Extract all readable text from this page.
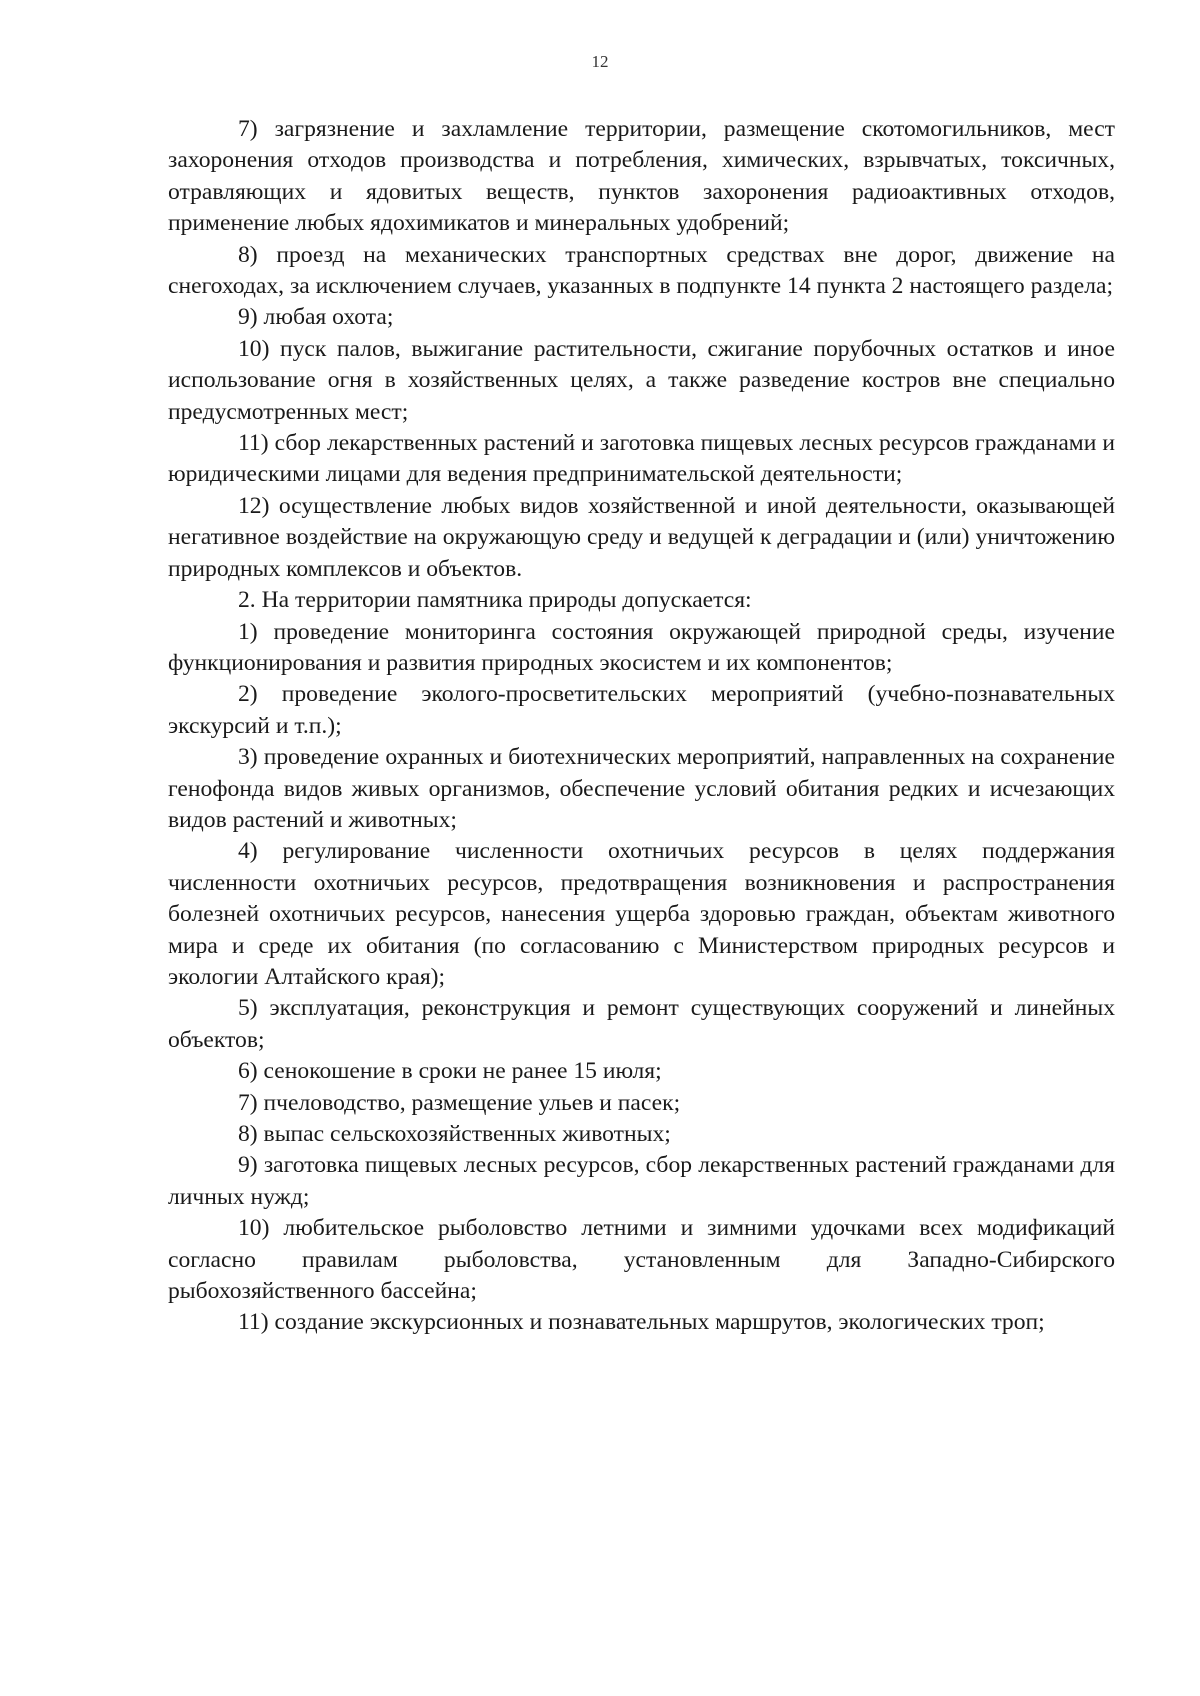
12

7) загрязнение и захламление территории, размещение скотомогильников, мест захоронения отходов производства и потребления, химических, взрывчатых, токсичных, отравляющих и ядовитых веществ, пунктов захоронения радиоактивных отходов, применение любых ядохимикатов и минеральных удобрений;

8) проезд на механических транспортных средствах вне дорог, движение на снегоходах, за исключением случаев, указанных в подпункте 14 пункта 2 настоящего раздела;

9) любая охота;

10) пуск палов, выжигание растительности, сжигание порубочных остатков и иное использование огня в хозяйственных целях, а также разведение костров вне специально предусмотренных мест;

11) сбор лекарственных растений и заготовка пищевых лесных ресурсов гражданами и юридическими лицами для ведения предпринимательской деятельности;

12) осуществление любых видов хозяйственной и иной деятельности, оказывающей негативное воздействие на окружающую среду и ведущей к деградации и (или) уничтожению природных комплексов и объектов.

2. На территории памятника природы допускается:

1) проведение мониторинга состояния окружающей природной среды, изучение функционирования и развития природных экосистем и их компонентов;

2) проведение эколого-просветительских мероприятий (учебно-познавательных экскурсий и т.п.);

3) проведение охранных и биотехнических мероприятий, направленных на сохранение генофонда видов живых организмов, обеспечение условий обитания редких и исчезающих видов растений и животных;

4) регулирование численности охотничьих ресурсов в целях поддержания численности охотничьих ресурсов, предотвращения возникновения и распространения болезней охотничьих ресурсов, нанесения ущерба здоровью граждан, объектам животного мира и среде их обитания (по согласованию с Министерством природных ресурсов и экологии Алтайского края);

5) эксплуатация, реконструкция и ремонт существующих сооружений и линейных объектов;

6) сенокошение в сроки не ранее 15 июля;

7) пчеловодство, размещение ульев и пасек;

8) выпас сельскохозяйственных животных;

9) заготовка пищевых лесных ресурсов, сбор лекарственных растений гражданами для личных нужд;

10) любительское рыболовство летними и зимними удочками всех модификаций согласно правилам рыболовства, установленным для Западно-Сибирского рыбохозяйственного бассейна;

11) создание экскурсионных и познавательных маршрутов, экологических троп;
